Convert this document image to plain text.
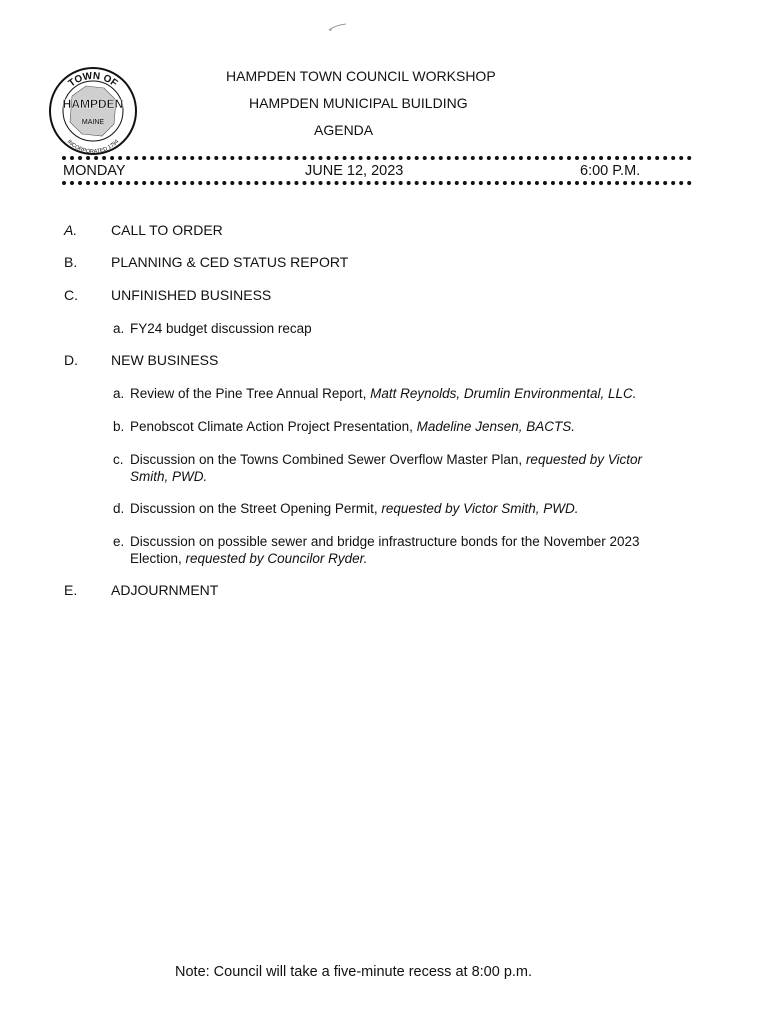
TOWN OF
HAMPDEN
MAINE
INCORPORATED 1794
HAMPDEN TOWN COUNCIL WORKSHOP
HAMPDEN MUNICIPAL BUILDING
AGENDA
MONDAY	JUNE 12, 2023	6:00 P.M.
A. CALL TO ORDER
B. PLANNING & CED STATUS REPORT
C. UNFINISHED BUSINESS
a. FY24 budget discussion recap
D. NEW BUSINESS
a. Review of the Pine Tree Annual Report, Matt Reynolds, Drumlin Environmental, LLC.
b. Penobscot Climate Action Project Presentation, Madeline Jensen, BACTS.
c. Discussion on the Towns Combined Sewer Overflow Master Plan, requested by Victor Smith, PWD.
d. Discussion on the Street Opening Permit, requested by Victor Smith, PWD.
e. Discussion on possible sewer and bridge infrastructure bonds for the November 2023 Election, requested by Councilor Ryder.
E. ADJOURNMENT
Note: Council will take a five-minute recess at 8:00 p.m.
